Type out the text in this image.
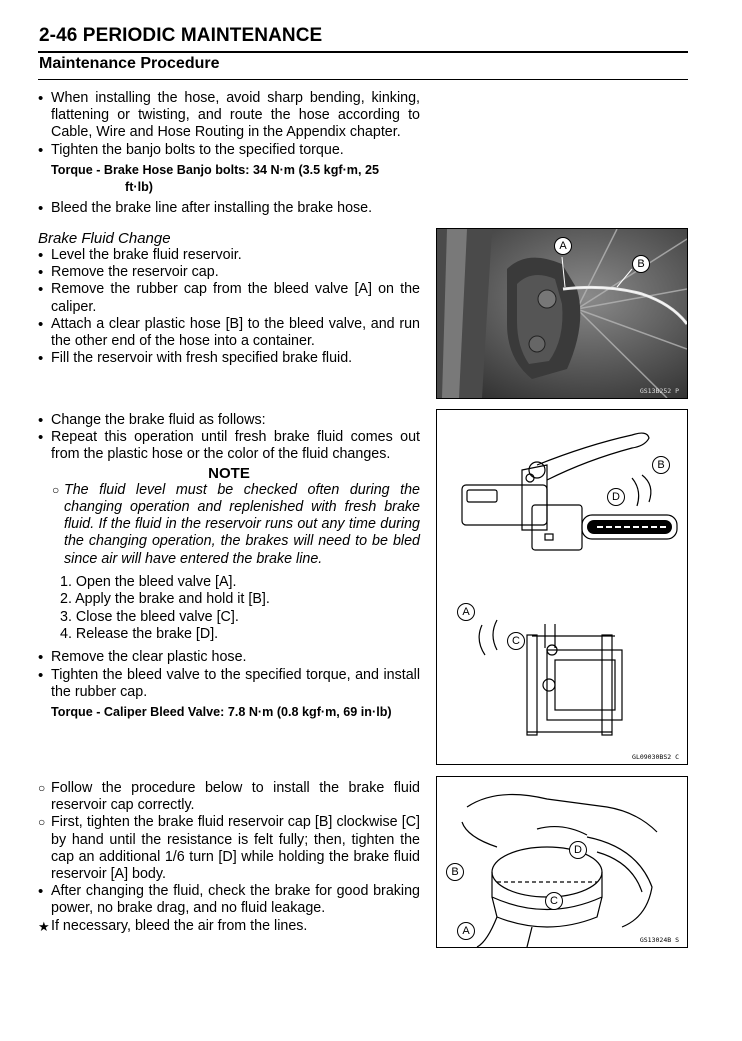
2-46 PERIODIC MAINTENANCE
Maintenance Procedure
• When installing the hose, avoid sharp bending, kinking, flattening or twisting, and route the hose according to Cable, Wire and Hose Routing in the Appendix chapter.
• Tighten the banjo bolts to the specified torque.
Torque - Brake Hose Banjo bolts: 34 N·m (3.5 kgf·m, 25
ft·lb)
• Bleed the brake line after installing the brake hose.
Brake Fluid Change
• Level the brake fluid reservoir.
• Remove the reservoir cap.
• Remove the rubber cap from the bleed valve [A] on the caliper.
• Attach a clear plastic hose [B] to the bleed valve, and run the other end of the hose into a container.
• Fill the reservoir with fresh specified brake fluid.
• Change the brake fluid as follows:
• Repeat this operation until fresh brake fluid comes out from the plastic hose or the color of the fluid changes.
NOTE
○ The fluid level must be checked often during the changing operation and replenished with fresh brake fluid. If the fluid in the reservoir runs out any time during the changing operation, the brakes will need to be bled since air will have entered the brake line.
1. Open the bleed valve [A].
2. Apply the brake and hold it [B].
3. Close the bleed valve [C].
4. Release the brake [D].
• Remove the clear plastic hose.
• Tighten the bleed valve to the specified torque, and install the rubber cap.
Torque - Caliper Bleed Valve: 7.8 N·m (0.8 kgf·m, 69 in·lb)
○ Follow the procedure below to install the brake fluid reservoir cap correctly.
○ First, tighten the brake fluid reservoir cap [B] clockwise [C] by hand until the resistance is felt fully; then, tighten the cap an additional 1/6 turn [D] while holding the brake fluid reservoir [A] body.
• After changing the fluid, check the brake for good braking power, no brake drag, and no fluid leakage.
★ If necessary, bleed the air from the lines.
A
B
GS13B252 P
B
D
A
C
GL09030BS2 C
D
B
C
A
GS13024B S
